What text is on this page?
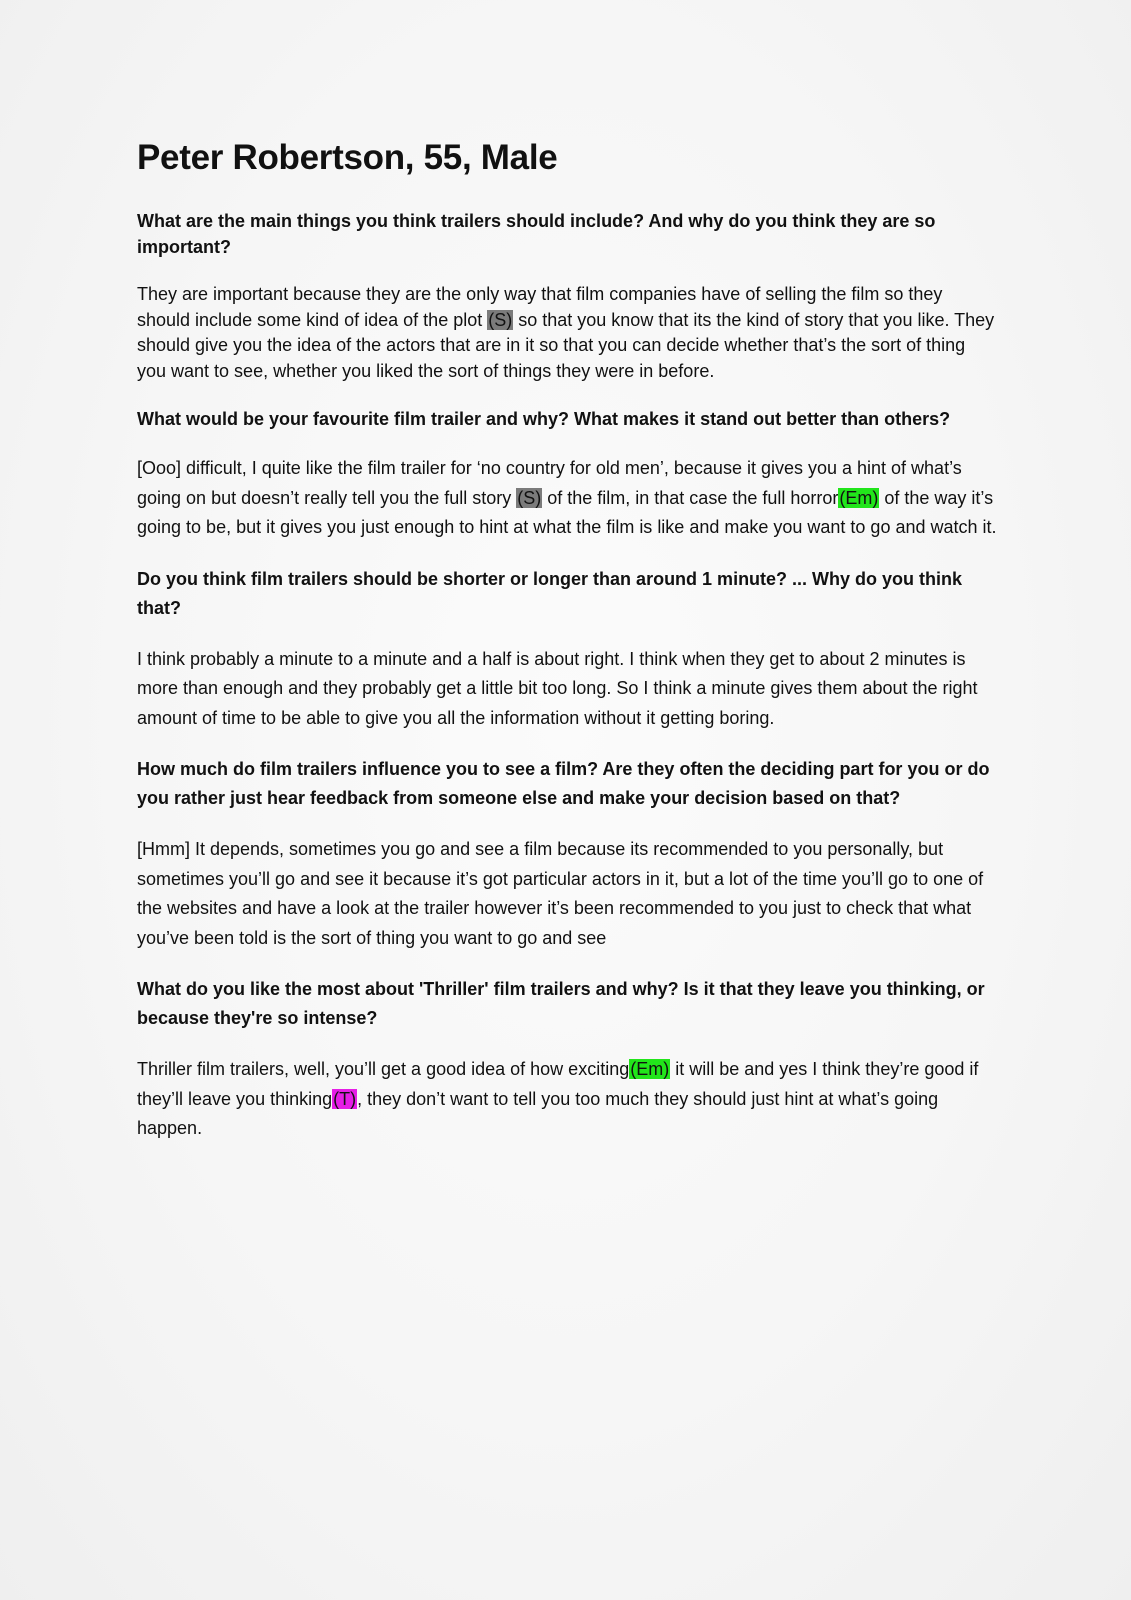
Peter Robertson, 55, Male

What are the main things you think trailers should include? And why do you think they are so important?

They are important because they are the only way that film companies have of selling the film so they should include some kind of idea of the plot (S) so that you know that its the kind of story that you like. They should give you the idea of the actors that are in it so that you can decide whether that’s the sort of thing you want to see, whether you liked the sort of things they were in before.

What would be your favourite film trailer and why? What makes it stand out better than others?

[Ooo] difficult, I quite like the film trailer for ‘no country for old men’, because it gives you a hint of what’s going on but doesn’t really tell you the full story (S) of the film, in that case the full horror(Em) of the way it’s going to be, but it gives you just enough to hint at what the film is like and make you want to go and watch it.

Do you think film trailers should be shorter or longer than around 1 minute? ... Why do you think that?

I think probably a minute to a minute and a half is about right. I think when they get to about 2 minutes is more than enough and they probably get a little bit too long. So I think a minute gives them about the right amount of time to be able to give you all the information without it getting boring.

How much do film trailers influence you to see a film? Are they often the deciding part for you or do you rather just hear feedback from someone else and make your decision based on that?

[Hmm] It depends, sometimes you go and see a film because its recommended to you personally, but sometimes you’ll go and see it because it’s got particular actors in it, but a lot of the time you’ll go to one of the websites and have a look at the trailer however it’s been recommended to you just to check that what you’ve been told is the sort of thing you want to go and see

What do you like the most about 'Thriller' film trailers and why? Is it that they leave you thinking, or because they're so intense?

Thriller film trailers, well, you’ll get a good idea of how exciting(Em) it will be and yes I think they’re good if they’ll leave you thinking(T), they don’t want to tell you too much they should just hint at what’s going happen.
